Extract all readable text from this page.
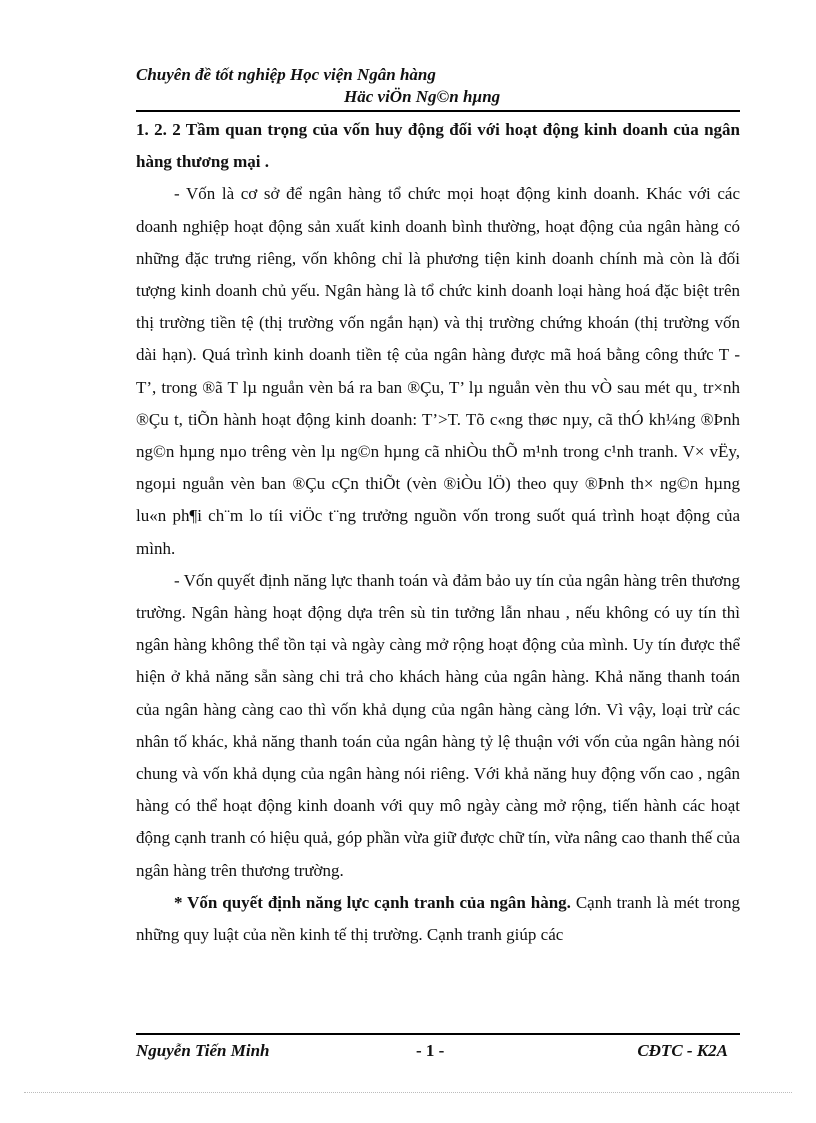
Chuyên đề tốt nghiệp Học viện Ngân hàng
Häc viÖn Ng©n hµng
1. 2. 2 Tầm quan trọng của vốn huy động đối với hoạt động kinh doanh của ngân hàng thương mại .

- Vốn là cơ sở để ngân hàng tổ chức mọi hoạt động kinh doanh. Khác với các doanh nghiệp hoạt động sản xuất kinh doanh bình thường, hoạt động của ngân hàng có những đặc trưng riêng, vốn không chỉ là phương tiện kinh doanh chính mà còn là đối tượng kinh doanh chủ yếu. Ngân hàng là tổ chức kinh doanh loại hàng hoá đặc biệt trên thị trường tiền tệ (thị trường vốn ngắn hạn) và thị trường chứng khoán (thị trường vốn dài hạn). Quá trình kinh doanh tiền tệ của ngân hàng được mã hoá bằng công thức T - T’, trong ®ã T lµ nguån vèn bá ra ban ®Çu, T’ lµ nguån vèn thu vÒ sau mét qu¸ tr×nh ®Çu t, tiÕn hành hoạt động kinh doanh: T’>T. Tõ c«ng thøc nµy, cã thÓ kh¼ng ®Þnh ng©n hµng nµo trêng vèn lµ ng©n hµng cã nhiÒu thÕ m¹nh trong c¹nh tranh. V× vËy, ngoµi nguån vèn ban ®Çu cÇn thiÕt (vèn ®iÒu lÖ) theo quy ®Þnh th× ng©n hµng lu«n ph¶i ch¨m lo tíi viÖc t¨ng trưởng nguồn vốn trong suốt quá trình hoạt động của mình.

- Vốn quyết định năng lực thanh toán và đảm bảo uy tín của ngân hàng trên thương trường. Ngân hàng hoạt động dựa trên sù tin tưởng lẫn nhau , nếu không có uy tín thì ngân hàng không thể tồn tại và ngày càng mở rộng hoạt động của mình. Uy tín được thể hiện ở khả năng sẵn sàng chi trả cho khách hàng của ngân hàng. Khả năng thanh toán của ngân hàng càng cao thì vốn khả dụng của ngân hàng càng lớn. Vì vậy, loại trừ các nhân tố khác, khả năng thanh toán của ngân hàng tỷ lệ thuận với vốn của ngân hàng nói chung và vốn khả dụng của ngân hàng nói riêng. Với khả năng huy động vốn cao , ngân hàng có thể hoạt động kinh doanh với quy mô ngày càng mở rộng, tiến hành các hoạt động cạnh tranh có hiệu quả, góp phần vừa giữ được chữ tín, vừa nâng cao thanh thế của ngân hàng trên thương trường.

* Vốn quyết định năng lực cạnh tranh của ngân hàng. Cạnh tranh là mét trong những quy luật của nền kinh tế thị trường. Cạnh tranh giúp các

Nguyễn Tiến Minh	- 1 -	CĐTC - K2A
